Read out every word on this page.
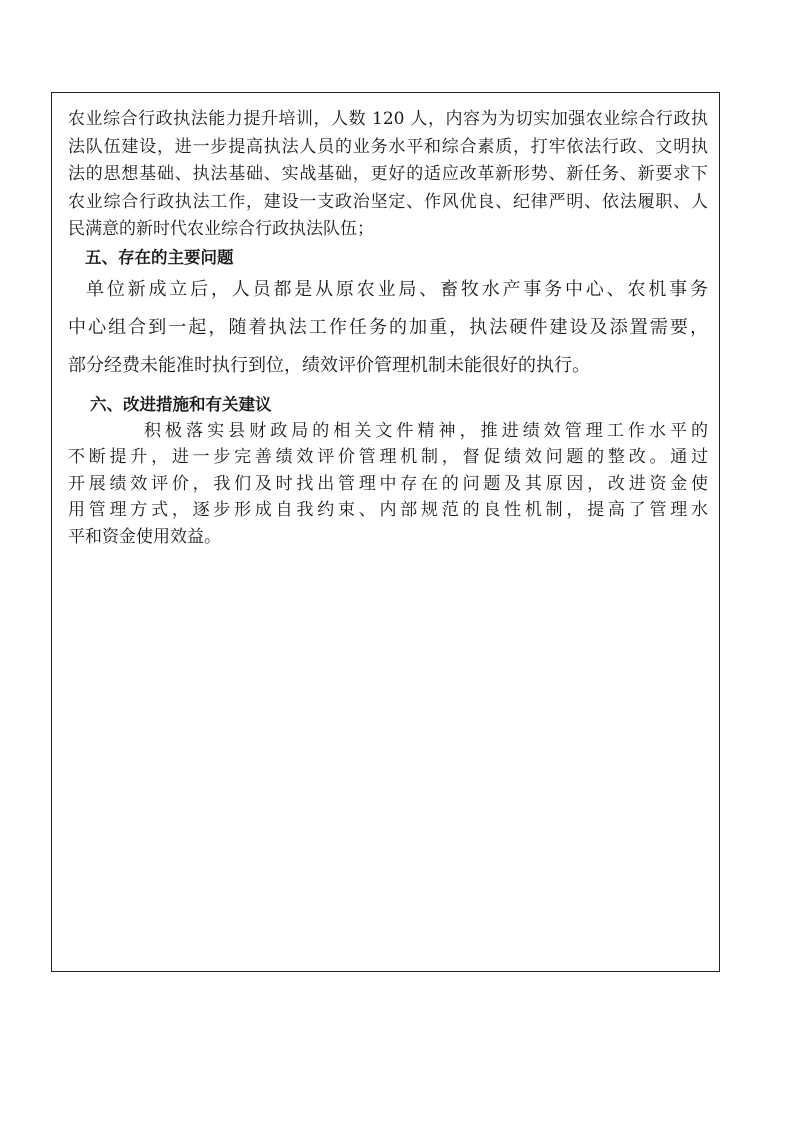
农业综合行政执法能力提升培训，人数 120 人，内容为为切实加强农业综合行政执
法队伍建设，进一步提高执法人员的业务水平和综合素质，打牢依法行政、文明执
法的思想基础、执法基础、实战基础，更好的适应改革新形势、新任务、新要求下
农业综合行政执法工作，建设一支政治坚定、作风优良、纪律严明、依法履职、人
民满意的新时代农业综合行政执法队伍；

五、存在的主要问题

单位新成立后，人员都是从原农业局、畜牧水产事务中心、农机事务
中心组合到一起，随着执法工作任务的加重，执法硬件建设及添置需要，
部分经费未能准时执行到位，绩效评价管理机制未能很好的执行。

六、改进措施和有关建议

积极落实县财政局的相关文件精神，推进绩效管理工作水平的
不断提升，进一步完善绩效评价管理机制，督促绩效问题的整改。通过
开展绩效评价，我们及时找出管理中存在的问题及其原因，改进资金使
用管理方式，逐步形成自我约束、内部规范的良性机制，提高了管理水
平和资金使用效益。
